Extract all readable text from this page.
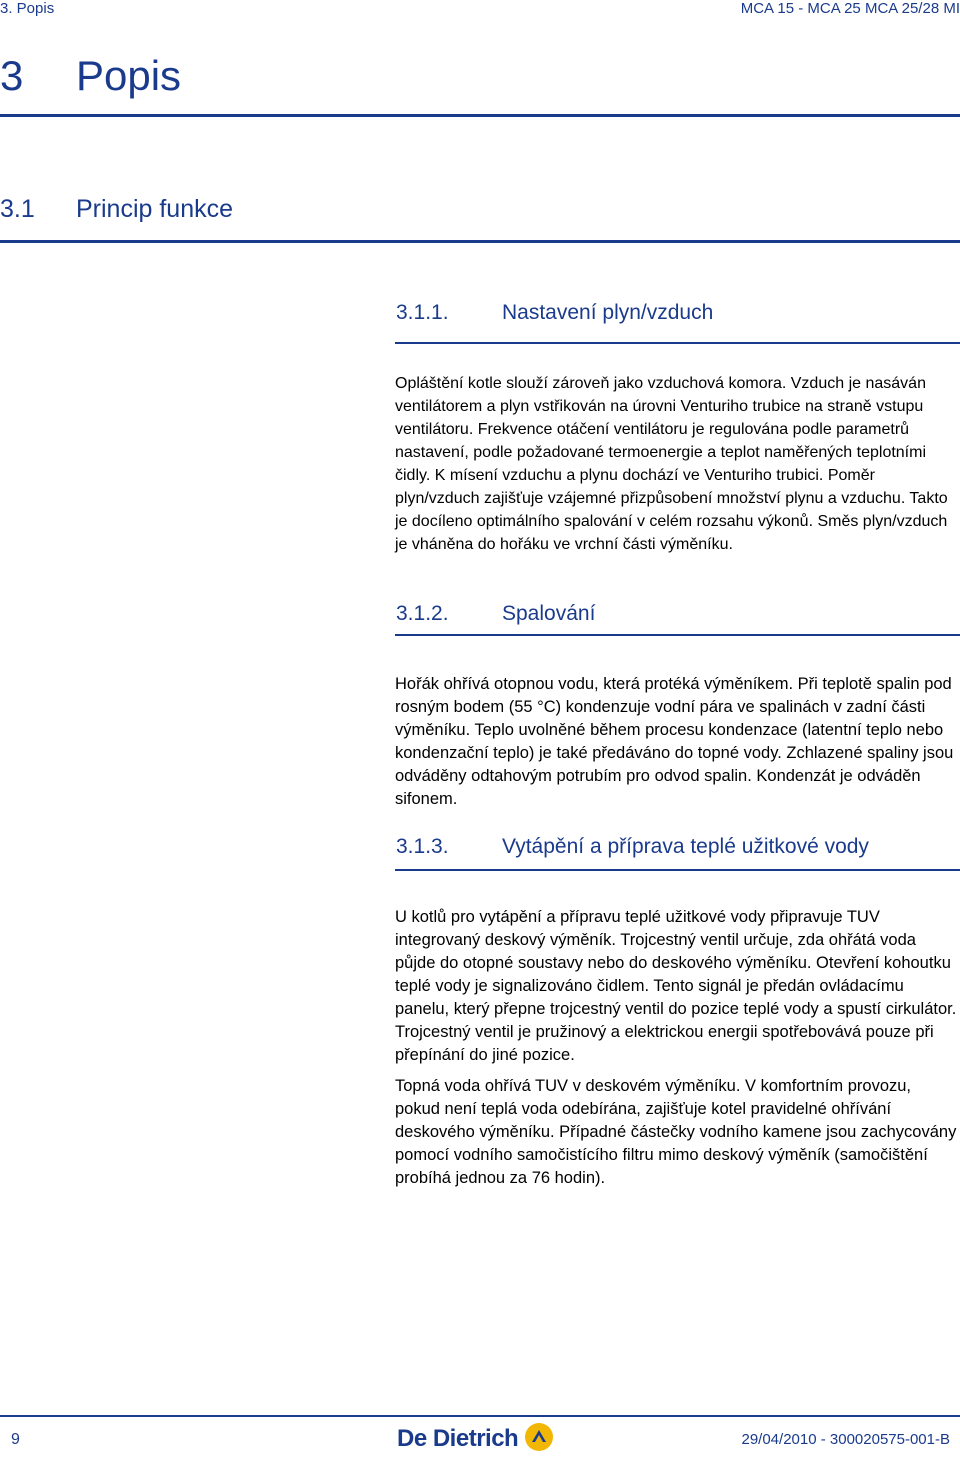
3. Popis	MCA 15 - MCA 25 MCA 25/28 MI
3 Popis
3.1 Princip funkce
3.1.1.	Nastavení plyn/vzduch

Opláštění kotle slouží zároveň jako vzduchová komora. Vzduch je nasáván ventilátorem a plyn vstřikován na úrovni Venturiho trubice na straně vstupu ventilátoru. Frekvence otáčení ventilátoru je regulována podle parametrů nastavení, podle požadované termoenergie a teplot naměřených teplotními čidly. K mísení vzduchu a plynu dochází ve Venturiho trubici. Poměr plyn/vzduch zajišťuje vzájemné přizpůsobení množství plynu a vzduchu. Takto je docíleno optimálního spalování v celém rozsahu výkonů. Směs plyn/vzduch je vháněna do hořáku ve vrchní části výměníku.

3.1.2.	Spalování

Hořák ohřívá otopnou vodu, která protéká výměníkem. Při teplotě spalin pod rosným bodem (55 °C) kondenzuje vodní pára ve spalinách v zadní části výměníku. Teplo uvolněné během procesu kondenzace (latentní teplo nebo kondenzační teplo) je také předáváno do topné vody. Zchlazené spaliny jsou odváděny odtahovým potrubím pro odvod spalin. Kondenzát je odváděn sifonem.

3.1.3.	Vytápění a příprava teplé užitkové vody

U kotlů pro vytápění a přípravu teplé užitkové vody připravuje TUV integrovaný deskový výměník. Trojcestný ventil určuje, zda ohřátá voda půjde do otopné soustavy nebo do deskového výměníku. Otevření kohoutku teplé vody je signalizováno čidlem. Tento signál je předán ovládacímu panelu, který přepne trojcestný ventil do pozice teplé vody a spustí cirkulátor. Trojcestný ventil je pružinový a elektrickou energii spotřebovává pouze při přepínání do jiné pozice.

Topná voda ohřívá TUV v deskovém výměníku. V komfortním provozu, pokud není teplá voda odebírána, zajišťuje kotel pravidelné ohřívání deskového výměníku. Případné částečky vodního kamene jsou zachycovány pomocí vodního samočistícího filtru mimo deskový výměník (samočištění probíhá jednou za 76 hodin).

9	De Dietrich	29/04/2010 - 300020575-001-B
